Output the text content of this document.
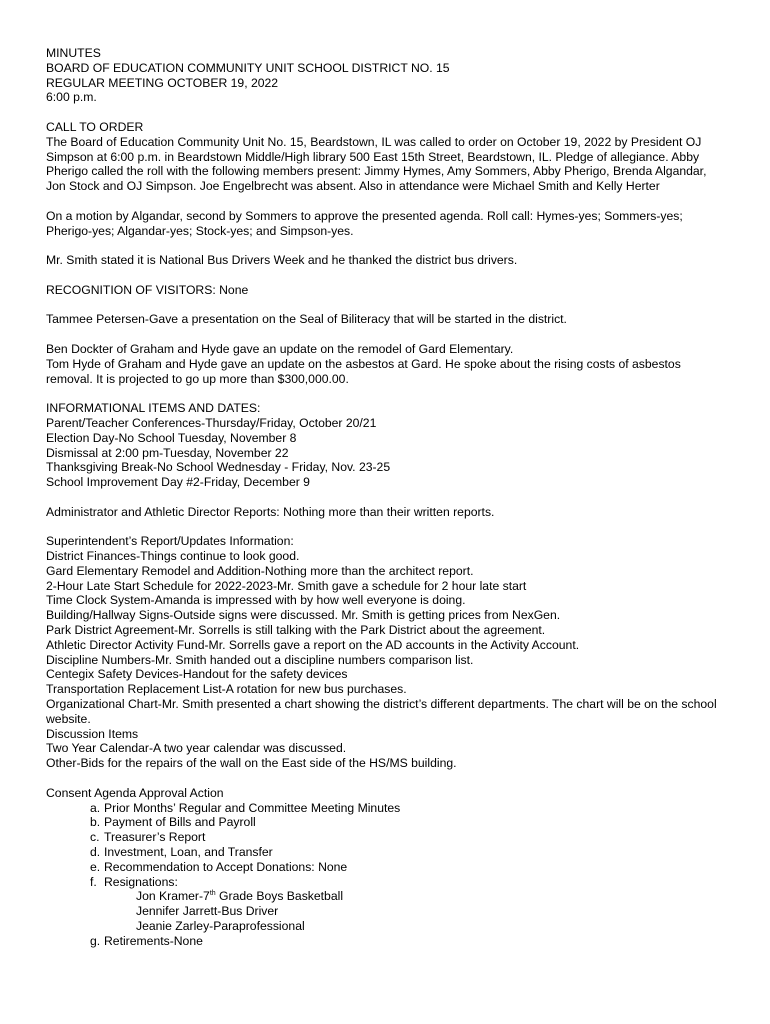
MINUTES

BOARD OF EDUCATION COMMUNITY UNIT SCHOOL DISTRICT NO. 15

REGULAR MEETING OCTOBER 19, 2022

6:00 p.m.

CALL TO ORDER

The Board of Education Community Unit No. 15, Beardstown, IL was called to order on October 19, 2022 by President OJ Simpson at 6:00 p.m. in Beardstown Middle/High library 500 East 15th Street, Beardstown, IL. Pledge of allegiance. Abby Pherigo called the roll with the following members present: Jimmy Hymes, Amy Sommers, Abby Pherigo, Brenda Algandar, Jon Stock and OJ Simpson. Joe Engelbrecht was absent. Also in attendance were Michael Smith and Kelly Herter

On a motion by Algandar, second by Sommers to approve the presented agenda. Roll call: Hymes-yes; Sommers-yes; Pherigo-yes; Algandar-yes; Stock-yes; and Simpson-yes.

Mr. Smith stated it is National Bus Drivers Week and he thanked the district bus drivers.

RECOGNITION OF VISITORS: None

Tammee Petersen-Gave a presentation on the Seal of Biliteracy that will be started in the district.

Ben Dockter of Graham and Hyde gave an update on the remodel of Gard Elementary.

Tom Hyde of Graham and Hyde gave an update on the asbestos at Gard. He spoke about the rising costs of asbestos removal. It is projected to go up more than $300,000.00.

INFORMATIONAL ITEMS AND DATES:

Parent/Teacher Conferences-Thursday/Friday, October 20/21

Election Day-No School Tuesday, November 8

Dismissal at 2:00 pm-Tuesday, November 22

Thanksgiving Break-No School Wednesday - Friday, Nov. 23-25

School Improvement Day #2-Friday, December 9

Administrator and Athletic Director Reports: Nothing more than their written reports.

Superintendent’s Report/Updates Information:

District Finances-Things continue to look good.

Gard Elementary Remodel and Addition-Nothing more than the architect report.

2-Hour Late Start Schedule for 2022-2023-Mr. Smith gave a schedule for 2 hour late start

Time Clock System-Amanda is impressed with by how well everyone is doing.

Building/Hallway Signs-Outside signs were discussed. Mr. Smith is getting prices from NexGen.

Park District Agreement-Mr. Sorrells is still talking with the Park District about the agreement.

Athletic Director Activity Fund-Mr. Sorrells gave a report on the AD accounts in the Activity Account.

Discipline Numbers-Mr. Smith handed out a discipline numbers comparison list.

Centegix Safety Devices-Handout for the safety devices

Transportation Replacement List-A rotation for new bus purchases.

Organizational Chart-Mr. Smith presented a chart showing the district’s different departments. The chart will be on the school website.

Discussion Items

Two Year Calendar-A two year calendar was discussed.

Other-Bids for the repairs of the wall on the East side of the HS/MS building.

Consent Agenda Approval Action

a. Prior Months’ Regular and Committee Meeting Minutes

b. Payment of Bills and Payroll

c. Treasurer’s Report

d. Investment, Loan, and Transfer

e. Recommendation to Accept Donations: None

f. Resignations:

Jon Kramer-7th Grade Boys Basketball

Jennifer Jarrett-Bus Driver

Jeanie Zarley-Paraprofessional

g. Retirements-None
